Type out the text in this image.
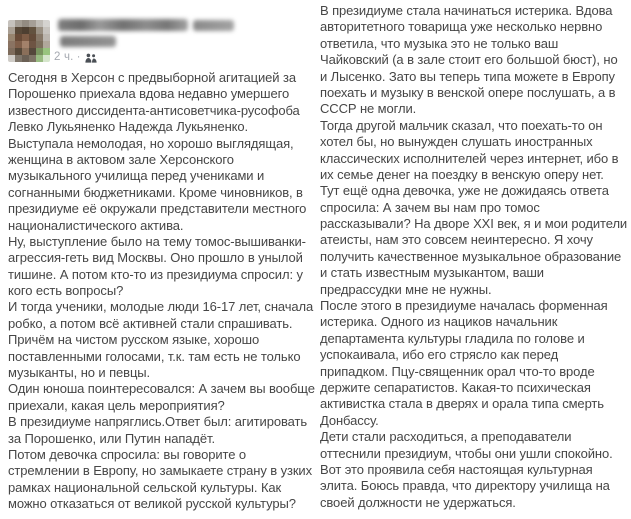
2 ч. ·
Сегодня в Херсон с предвыборной агитацией за
Порошенко приехала вдова недавно умершего
известного диссидента-антисоветчика-русофоба
Левко Лукьяненко Надежда Лукьяненко.
Выступала немолодая, но хорошо выглядящая,
женщина в актовом зале Херсонского
музыкального училища перед учениками и
согнанными бюджетниками. Кроме чиновников, в
президиуме её окружали представители местного
националистического актива.
Ну, выступление было на тему томос-вышиванки-
агрессия-геть вид Москвы. Оно прошло в унылой
тишине. А потом кто-то из президиума спросил: у
кого есть вопросы?
И тогда ученики, молодые люди 16-17 лет, сначала
робко, а потом всё активней стали спрашивать.
Причём на чистом русском языке, хорошо
поставленными голосами, т.к. там есть не только
музыканты, но и певцы.
Один юноша поинтересовался: А зачем вы вообще
приехали, какая цель мероприятия?
В президиуме напряглись.Ответ был: агитировать
за Порошенко, или Путин нападёт.
Потом девочка спросила: вы говорите о
стремлении в Европу, но замыкаете страну в узких
рамках национальной сельской культуры. Как
можно отказаться от великой русской культуры?
В президиуме стала начинаться истерика. Вдова
авторитетного товарища уже несколько нервно
ответила, что музыка это не только ваш
Чайковский (а в зале стоит его большой бюст), но
и Лысенко. Зато вы теперь типа можете в Европу
поехать и музыку в венской опере послушать, а в
СССР не могли.
Тогда другой мальчик сказал, что поехать-то он
хотел бы, но вынужден слушать иностранных
классических исполнителей через интернет, ибо в
их семье денег на поездку в венскую оперу нет.
Тут ещё одна девочка, уже не дожидаясь ответа
спросила: А зачем вы нам про томос
рассказывали? На дворе XXI век, я и мои родители
атеисты, нам это совсем неинтересно. Я хочу
получить качественное музыкальное образование
и стать известным музыкантом, ваши
предрассудки мне не нужны.
После этого в президиуме началась форменная
истерика. Одного из нациков начальник
департамента культуры гладила по голове и
успокаивала, ибо его стрясло как перед
припадком. Пцу-священник орал что-то вроде
держите сепаратистов. Какая-то психическая
активистка стала в дверях и орала типа смерть
Донбассу.
Дети стали расходиться, а преподаватели
оттеснили президиум, чтобы они ушли спокойно.
Вот это проявила себя настоящая культурная
элита. Боюсь правда, что директору училища на
своей должности не удержаться.
